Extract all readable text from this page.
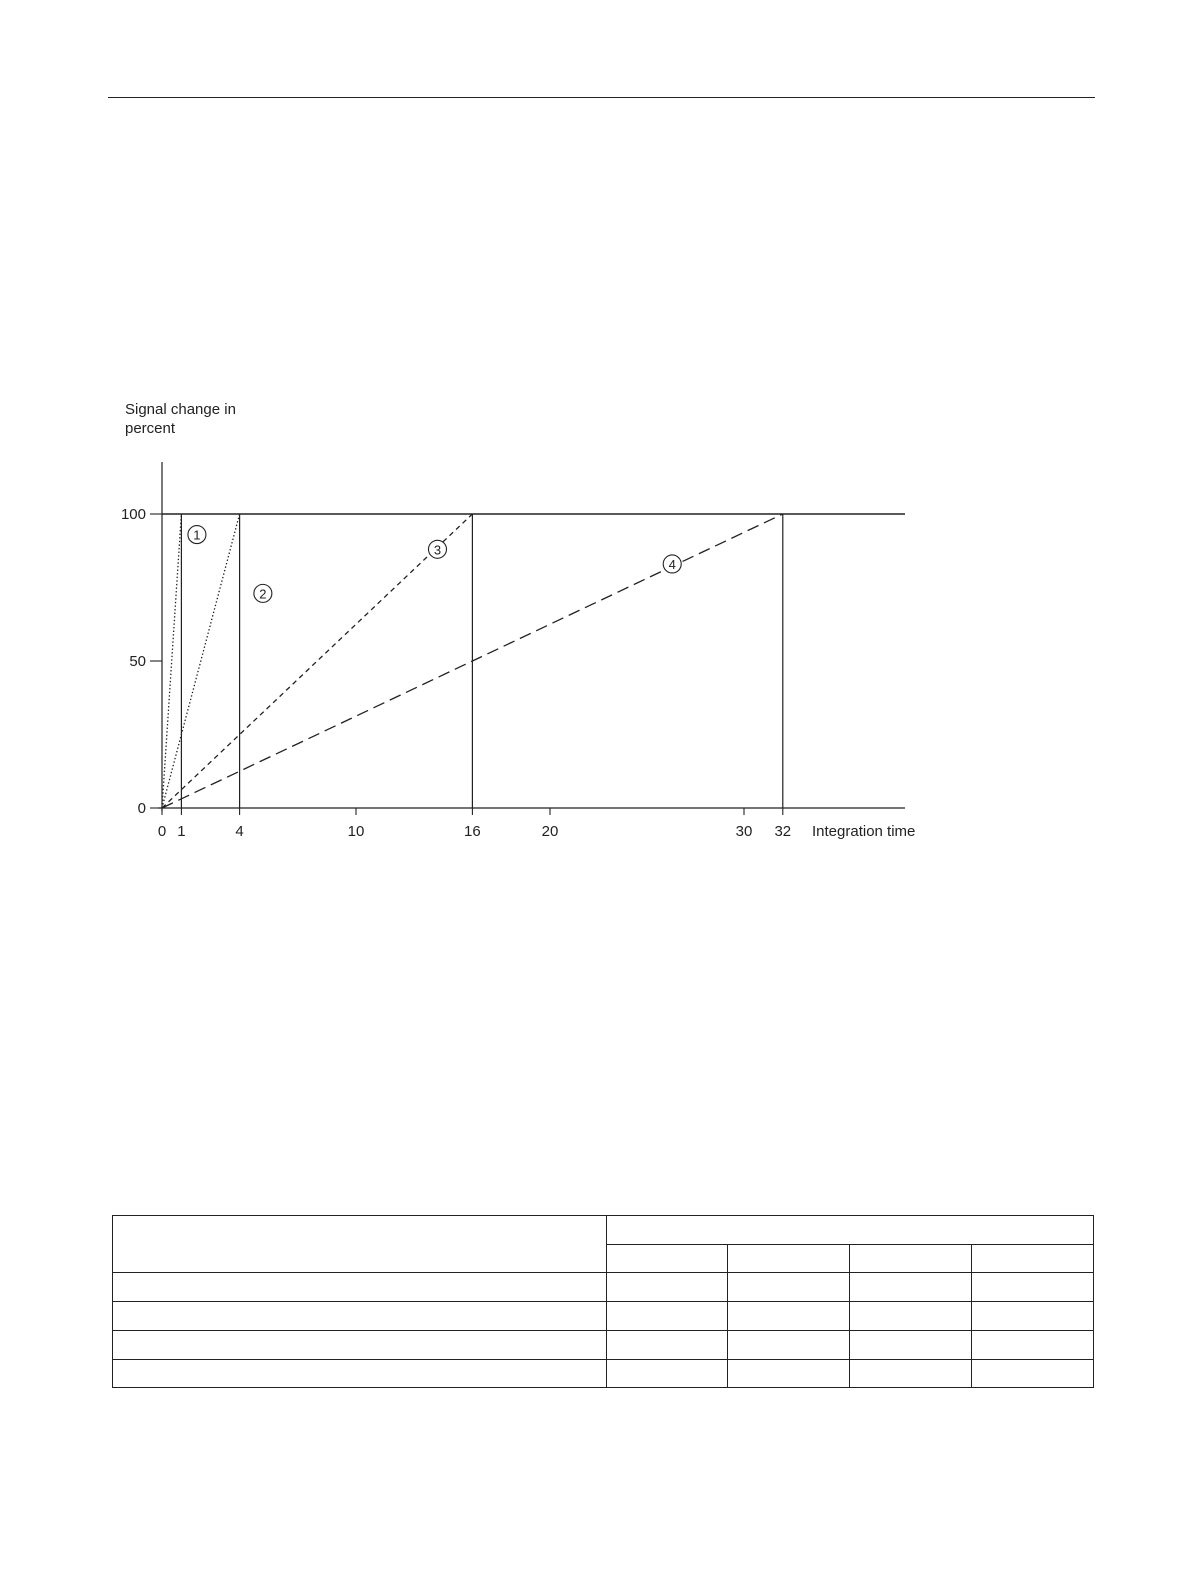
Signal change in
percent
0 1	4	10	16	20	30 32
0
50
100
1
2
3
4
Integration time
